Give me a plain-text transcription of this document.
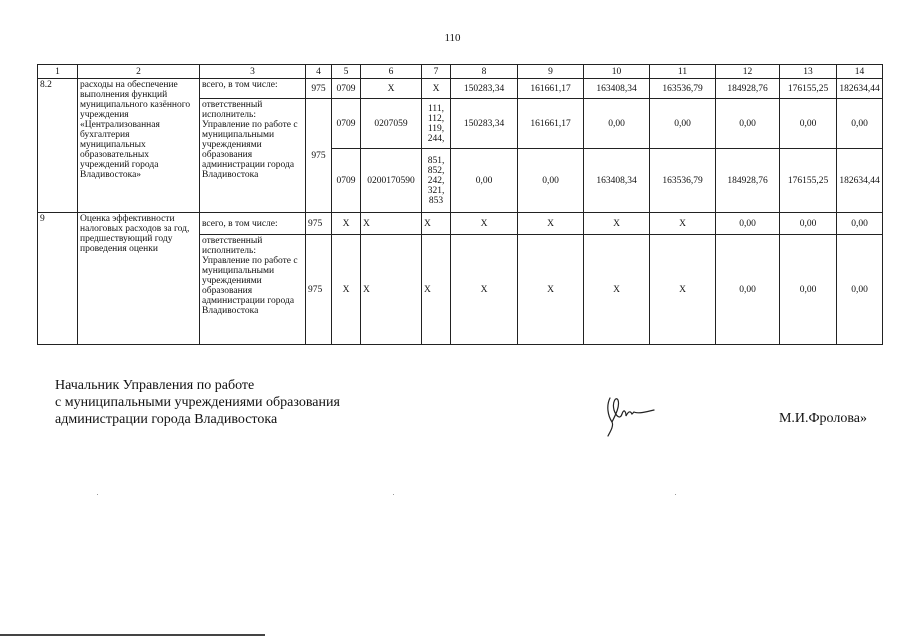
110
1	2	3	4	5	6	7	8	9	10	11	12	13	14
8.2	расходы на обеспечение выполнения функций муниципального казённого учреждения «Централизованная бухгалтерия муниципальных образовательных учреждений города Владивостока»	всего, в том числе:	975	0709	X	X	150283,34	161661,17	163408,34	163536,79	184928,76	176155,25	182634,44
		ответственный исполнитель: Управление по работе с муниципальными учреждениями образования администрации города Владивостока	975	0709	0207059	111, 112, 119, 244,	150283,34	161661,17	0,00	0,00	0,00	0,00	0,00
				0709	0200170590	851, 852, 242, 321, 853	0,00	0,00	163408,34	163536,79	184928,76	176155,25	182634,44
9	Оценка эффективности налоговых расходов за год, предшествующий году проведения оценки	всего, в том числе:	975	X	X	X	X	X	X	X	0,00	0,00	0,00
		ответственный исполнитель: Управление по работе с муниципальными учреждениями образования администрации города Владивостока	975	X	X	X	X	X	X	X	0,00	0,00	0,00
Начальник Управления по работе
с муниципальными учреждениями образования
администрации города Владивостока	М.И.Фролова»
